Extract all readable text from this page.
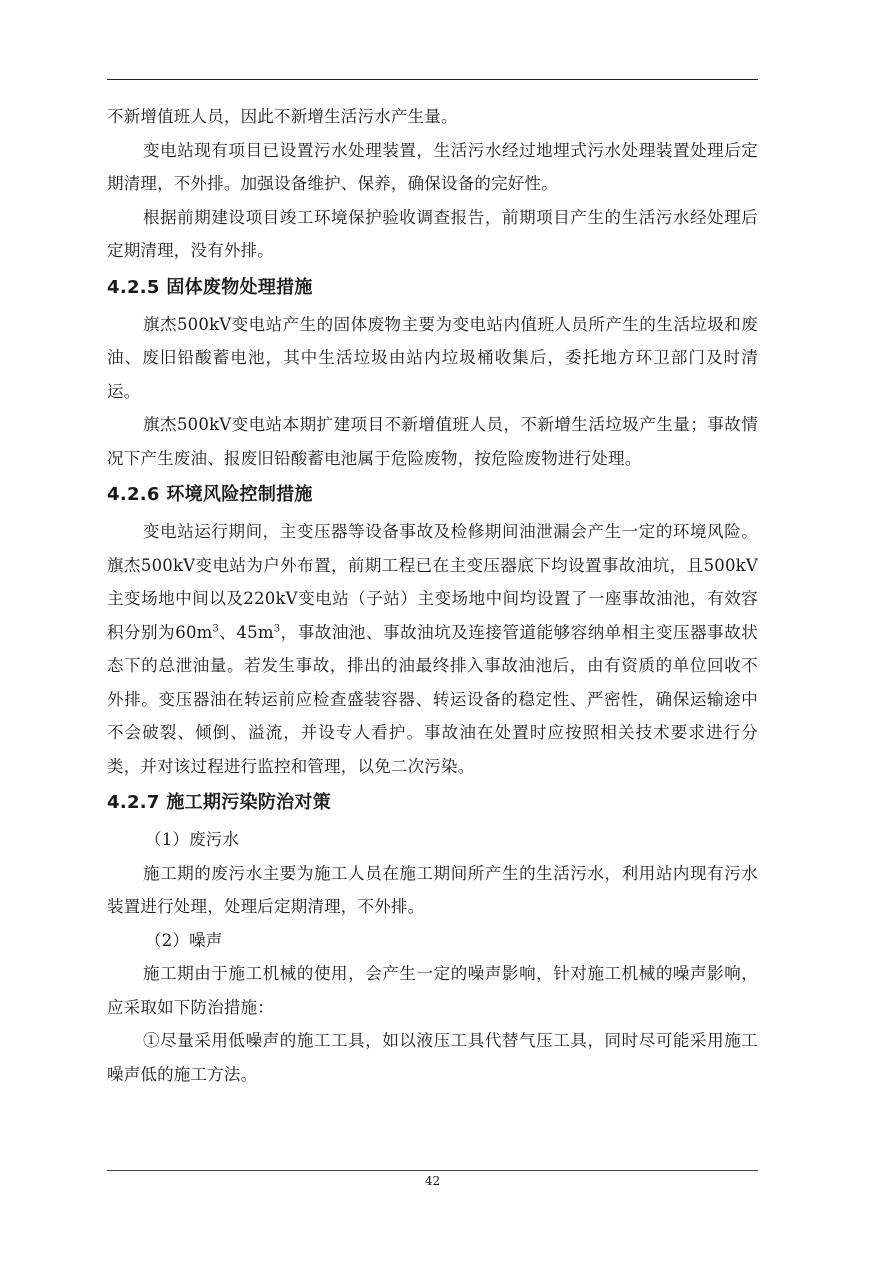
不新增值班人员，因此不新增生活污水产生量。

变电站现有项目已设置污水处理装置，生活污水经过地埋式污水处理装置处理后定期清理，不外排。加强设备维护、保养，确保设备的完好性。

根据前期建设项目竣工环境保护验收调查报告，前期项目产生的生活污水经处理后定期清理，没有外排。

4.2.5 固体废物处理措施

旗杰500kV变电站产生的固体废物主要为变电站内值班人员所产生的生活垃圾和废油、废旧铅酸蓄电池，其中生活垃圾由站内垃圾桶收集后，委托地方环卫部门及时清运。

旗杰500kV变电站本期扩建项目不新增值班人员，不新增生活垃圾产生量；事故情况下产生废油、报废旧铅酸蓄电池属于危险废物，按危险废物进行处理。

4.2.6 环境风险控制措施

变电站运行期间，主变压器等设备事故及检修期间油泄漏会产生一定的环境风险。旗杰500kV变电站为户外布置，前期工程已在主变压器底下均设置事故油坑，且500kV主变场地中间以及220kV变电站（子站）主变场地中间均设置了一座事故油池，有效容积分别为$60m^3$、$45m^3$，事故油池、事故油坑及连接管道能够容纳单相主变压器事故状态下的总泄油量。若发生事故，排出的油最终排入事故油池后，由有资质的单位回收不外排。变压器油在转运前应检查盛装容器、转运设备的稳定性、严密性，确保运输途中不会破裂、倾倒、溢流，并设专人看护。事故油在处置时应按照相关技术要求进行分类，并对该过程进行监控和管理，以免二次污染。

4.2.7 施工期污染防治对策

（1）废污水

施工期的废污水主要为施工人员在施工期间所产生的生活污水，利用站内现有污水装置进行处理，处理后定期清理，不外排。

（2）噪声

施工期由于施工机械的使用，会产生一定的噪声影响，针对施工机械的噪声影响，应采取如下防治措施：

①尽量采用低噪声的施工工具，如以液压工具代替气压工具，同时尽可能采用施工噪声低的施工方法。

42
